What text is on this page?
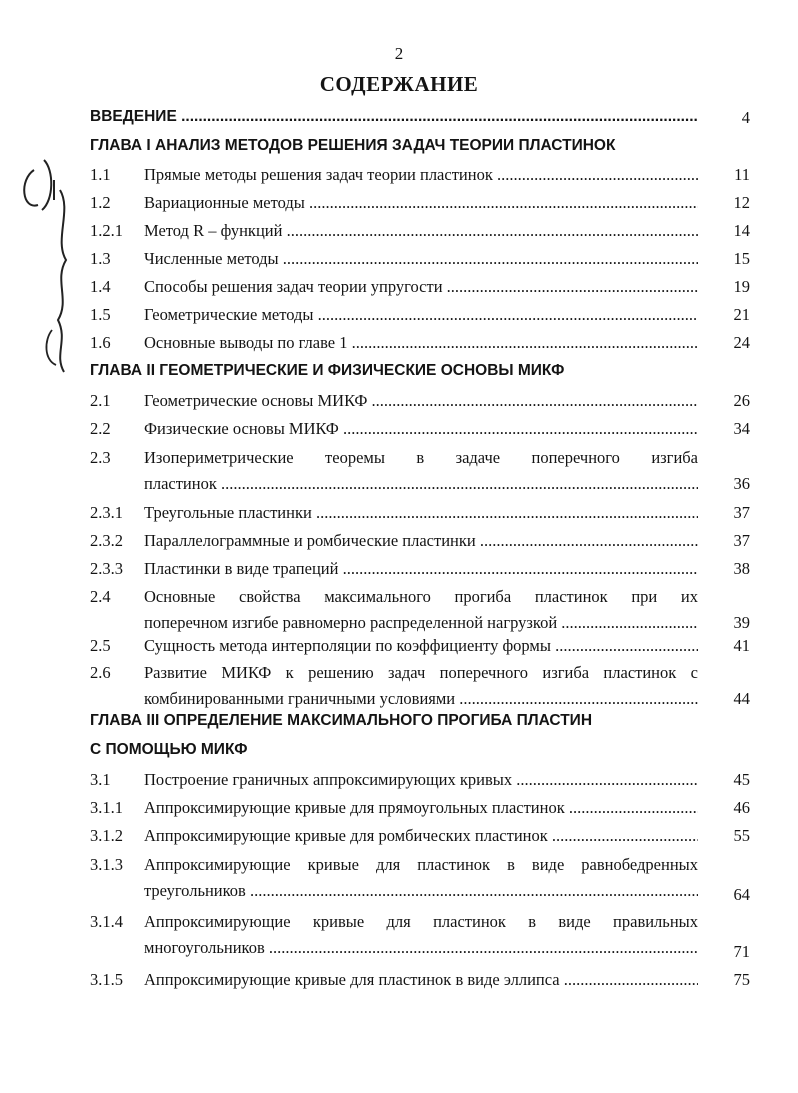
2
СОДЕРЖАНИЕ
ВВЕДЕНИЕ .....	4
ГЛАВА I АНАЛИЗ МЕТОДОВ РЕШЕНИЯ ЗАДАЧ ТЕОРИИ ПЛАСТИНОК
1.1 Прямые методы решения задач теории пластинок .....	11
1.2 Вариационные методы .....	12
1.2.1 Метод R – функций .....	14
1.3 Численные методы .....	15
1.4 Способы решения задач теории упругости .....	19
1.5 Геометрические методы .....	21
1.6 Основные выводы по главе 1 .....	24
ГЛАВА II ГЕОМЕТРИЧЕСКИЕ И ФИЗИЧЕСКИЕ ОСНОВЫ МИКФ
2.1 Геометрические основы МИКФ .....	26
2.2 Физические основы МИКФ .....	34
2.3 Изопериметрические теоремы в задаче поперечного изгиба
пластинок .....	36
2.3.1 Треугольные пластинки .....	37
2.3.2 Параллелограммные и ромбические пластинки .....	37
2.3.3 Пластинки в виде трапеций .....	38
2.4 Основные свойства максимального прогиба пластинок при их
поперечном изгибе равномерно распределенной нагрузкой .....	39
2.5 Сущность метода интерполяции по коэффициенту формы .....	41
2.6 Развитие МИКФ к решению задач поперечного изгиба пластинок с
комбинированными граничными условиями .....	44
ГЛАВА III ОПРЕДЕЛЕНИЕ МАКСИМАЛЬНОГО ПРОГИБА ПЛАСТИН
С ПОМОЩЬЮ МИКФ
3.1 Построение граничных аппроксимирующих кривых .....	45
3.1.1 Аппроксимирующие кривые для прямоугольных пластинок .....	46
3.1.2 Аппроксимирующие кривые для ромбических пластинок .....	55
3.1.3 Аппроксимирующие кривые для пластинок в виде равнобедренных
треугольников .....	64
3.1.4 Аппроксимирующие кривые для пластинок в виде правильных
многоугольников .....	71
3.1.5 Аппроксимирующие кривые для пластинок в виде эллипса .....	75
